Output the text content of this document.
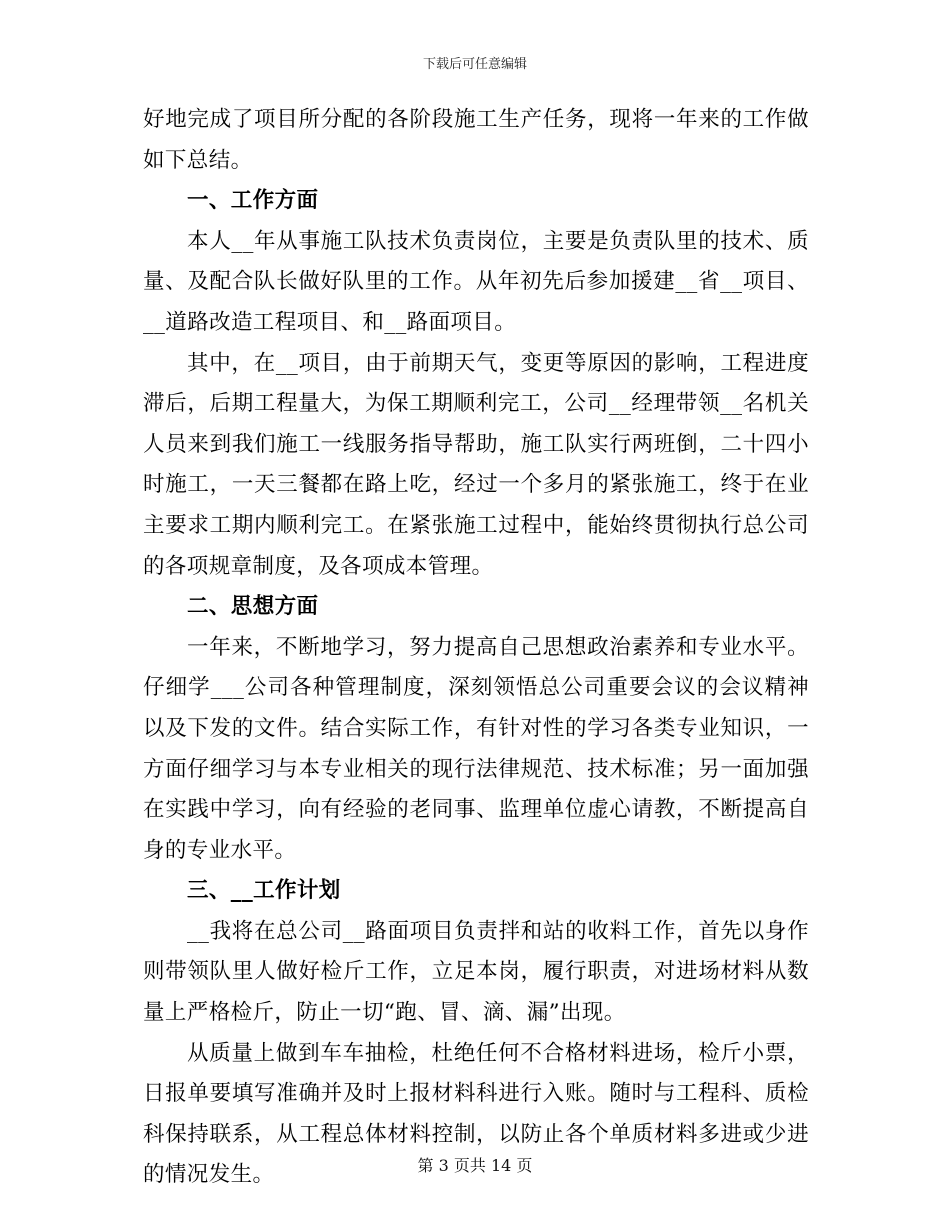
下载后可任意编辑

好地完成了项目所分配的各阶段施工生产任务，现将一年来的工作做如下总结。

一、工作方面

本人__年从事施工队技术负责岗位，主要是负责队里的技术、质量、及配合队长做好队里的工作。从年初先后参加援建__省__项目、__道路改造工程项目、和__路面项目。

其中，在__项目，由于前期天气，变更等原因的影响，工程进度滞后，后期工程量大，为保工期顺利完工，公司__经理带领__名机关人员来到我们施工一线服务指导帮助，施工队实行两班倒，二十四小时施工，一天三餐都在路上吃，经过一个多月的紧张施工，终于在业主要求工期内顺利完工。在紧张施工过程中，能始终贯彻执行总公司的各项规章制度，及各项成本管理。

二、思想方面

一年来，不断地学习，努力提高自己思想政治素养和专业水平。仔细学___公司各种管理制度，深刻领悟总公司重要会议的会议精神以及下发的文件。结合实际工作，有针对性的学习各类专业知识，一方面仔细学习与本专业相关的现行法律规范、技术标准；另一面加强在实践中学习，向有经验的老同事、监理单位虚心请教，不断提高自身的专业水平。

三、__工作计划

__我将在总公司__路面项目负责拌和站的收料工作，首先以身作则带领队里人做好检斤工作，立足本岗，履行职责，对进场材料从数量上严格检斤，防止一切“跑、冒、滴、漏”出现。

从质量上做到车车抽检，杜绝任何不合格材料进场，检斤小票，日报单要填写准确并及时上报材料科进行入账。随时与工程科、质检科保持联系，从工程总体材料控制，以防止各个单质材料多进或少进的情况发生。	第 3 页共 14 页
